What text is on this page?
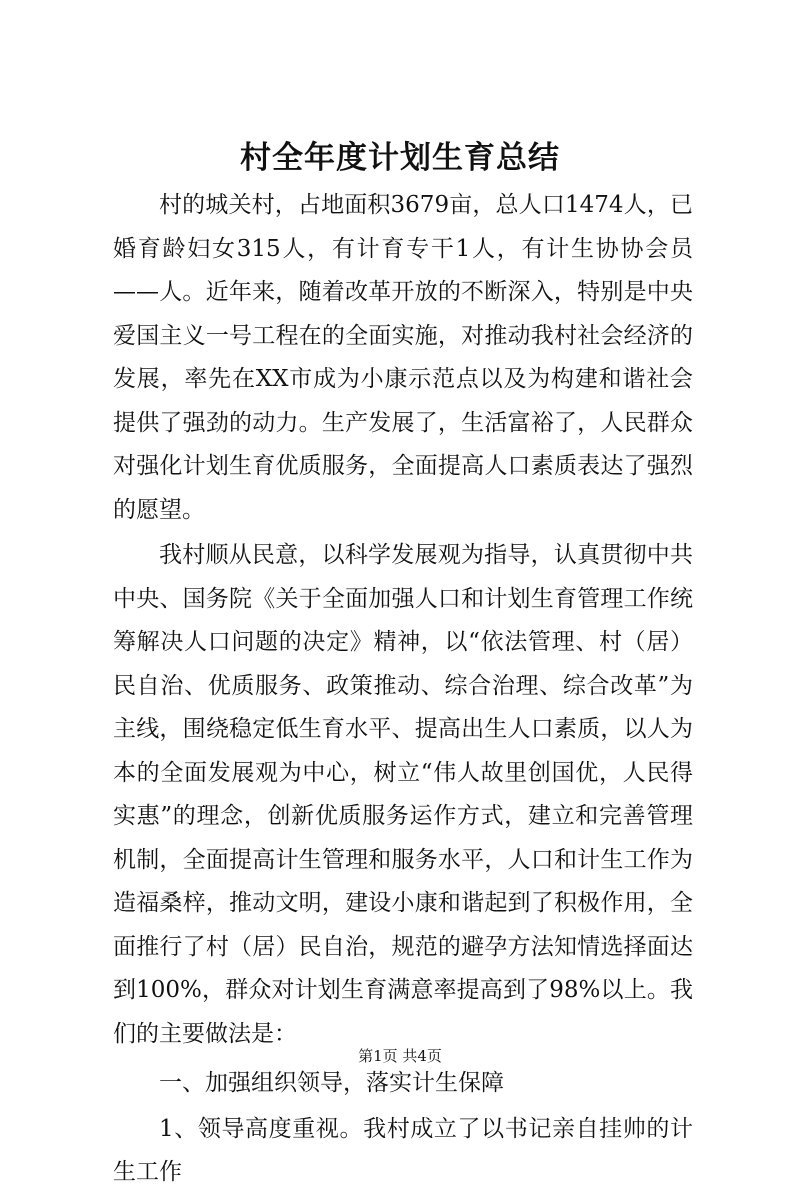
村全年度计划生育总结

村的城关村，占地面积3679亩，总人口1474人，已婚育龄妇女315人，有计育专干1人，有计生协协会员——人。近年来，随着改革开放的不断深入，特别是中央爱国主义一号工程在的全面实施，对推动我村社会经济的发展，率先在XX市成为小康示范点以及为构建和谐社会提供了强劲的动力。生产发展了，生活富裕了，人民群众对强化计划生育优质服务，全面提高人口素质表达了强烈的愿望。

我村顺从民意，以科学发展观为指导，认真贯彻中共中央、国务院《关于全面加强人口和计划生育管理工作统筹解决人口问题的决定》精神，以“依法管理、村（居）民自治、优质服务、政策推动、综合治理、综合改革”为主线，围绕稳定低生育水平、提高出生人口素质，以人为本的全面发展观为中心，树立“伟人故里创国优，人民得实惠”的理念，创新优质服务运作方式，建立和完善管理机制，全面提高计生管理和服务水平，人口和计生工作为造福桑梓，推动文明，建设小康和谐起到了积极作用，全面推行了村（居）民自治，规范的避孕方法知情选择面达到100%，群众对计划生育满意率提高到了98%以上。我们的主要做法是：

一、加强组织领导，落实计生保障

1、领导高度重视。我村成立了以书记亲自挂帅的计生工作

第1页 共4页
